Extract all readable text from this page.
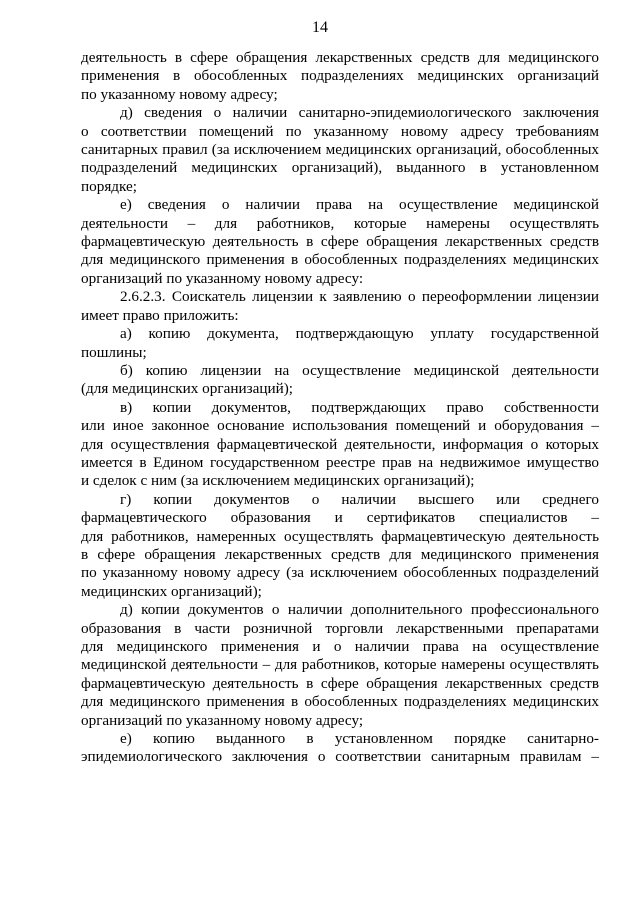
14
деятельность в сфере обращения лекарственных средств для медицинского
применения в обособленных подразделениях медицинских организаций
по указанному новому адресу;
д) сведения о наличии санитарно-эпидемиологического заключения
о соответствии помещений по указанному новому адресу требованиям
санитарных правил (за исключением медицинских организаций, обособленных
подразделений медицинских организаций), выданного в установленном
порядке;
е) сведения о наличии права на осуществление медицинской
деятельности – для работников, которые намерены осуществлять
фармацевтическую деятельность в сфере обращения лекарственных средств
для медицинского применения в обособленных подразделениях медицинских
организаций по указанному новому адресу:
2.6.2.3. Соискатель лицензии к заявлению о переоформлении лицензии
имеет право приложить:
а) копию документа, подтверждающую уплату государственной
пошлины;
б) копию лицензии на осуществление медицинской деятельности
(для медицинских организаций);
в) копии документов, подтверждающих право собственности
или иное законное основание использования помещений и оборудования –
для осуществления фармацевтической деятельности, информация о которых
имеется в Едином государственном реестре прав на недвижимое имущество
и сделок с ним (за исключением медицинских организаций);
г) копии документов о наличии высшего или среднего
фармацевтического образования и сертификатов специалистов –
для работников, намеренных осуществлять фармацевтическую деятельность
в сфере обращения лекарственных средств для медицинского применения
по указанному новому адресу (за исключением обособленных подразделений
медицинских организаций);
д) копии документов о наличии дополнительного профессионального
образования в части розничной торговли лекарственными препаратами
для медицинского применения и о наличии права на осуществление
медицинской деятельности – для работников, которые намерены осуществлять
фармацевтическую деятельность в сфере обращения лекарственных средств
для медицинского применения в обособленных подразделениях медицинских
организаций по указанному новому адресу;
е) копию выданного в установленном порядке санитарно-
эпидемиологического заключения о соответствии санитарным правилам –
